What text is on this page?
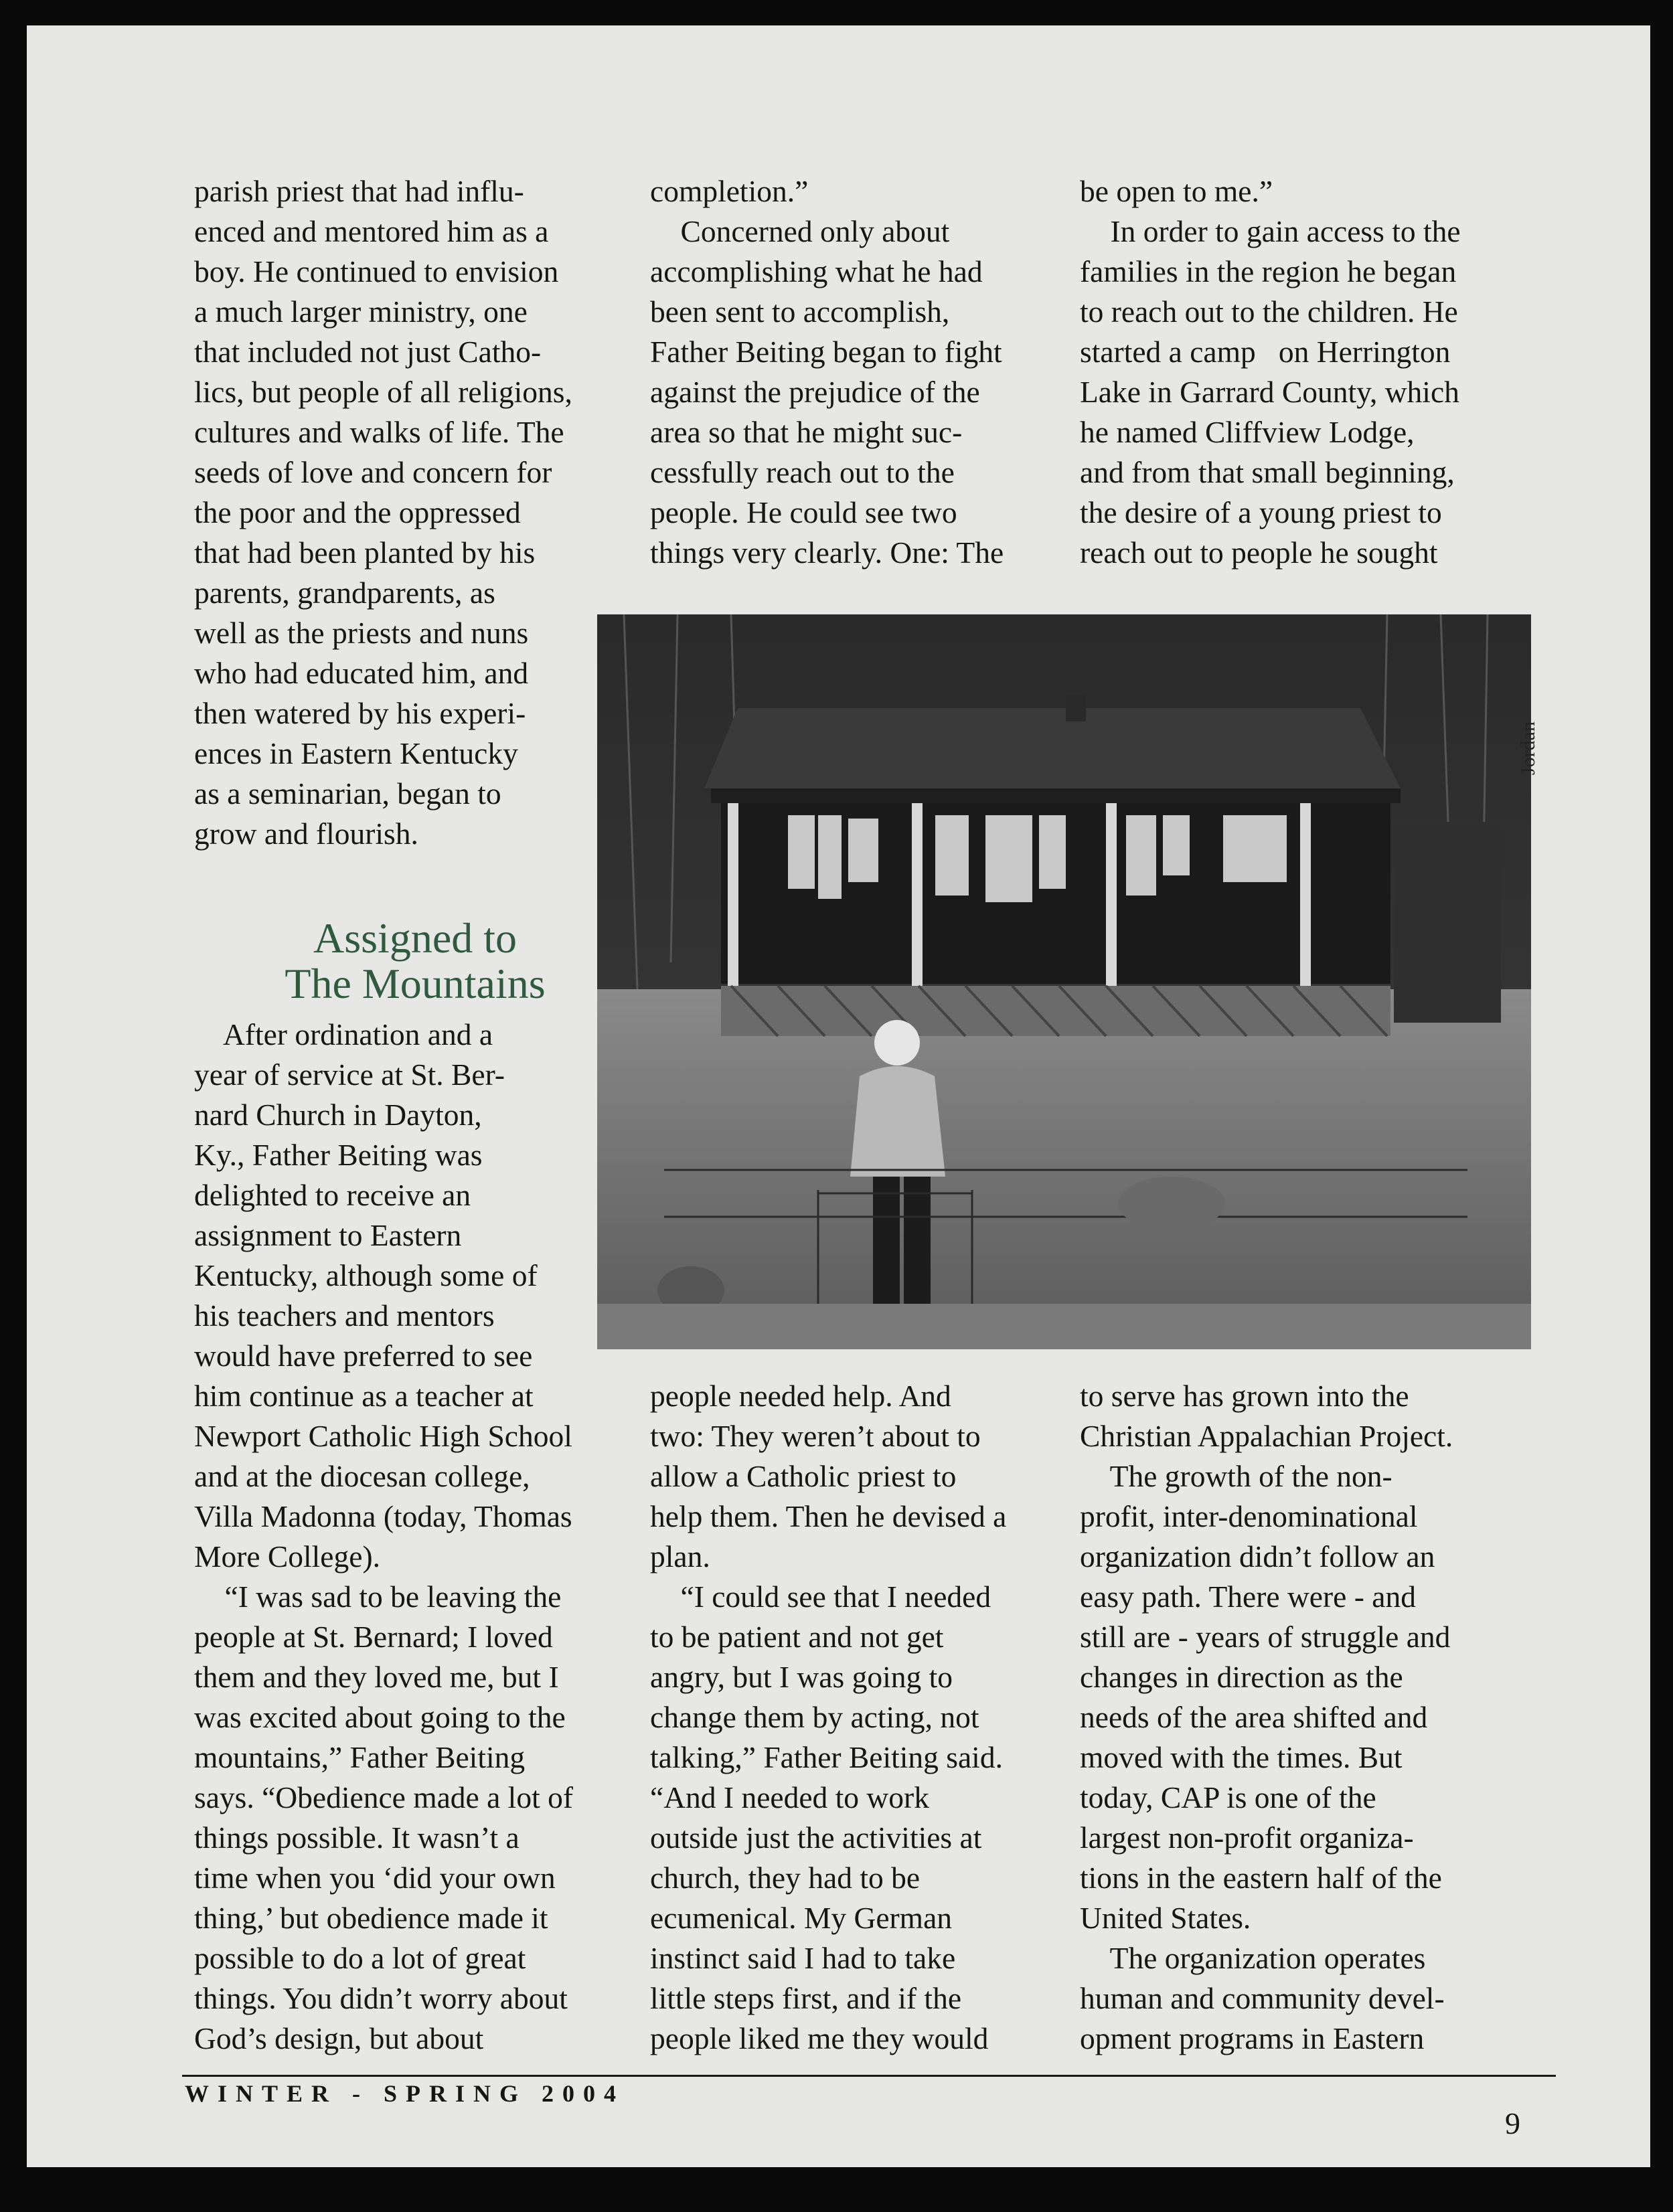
parish priest that had influ-

enced and mentored him as a

boy. He continued to envision

a much larger ministry, one

that included not just Catho-

lics, but people of all religions,

cultures and walks of life. The

seeds of love and concern for

the poor and the oppressed

that had been planted by his

parents, grandparents, as

well as the priests and nuns

who had educated him, and

then watered by his experi-

ences in Eastern Kentucky

as a seminarian, began to

grow and flourish.

Assigned to
The Mountains

After ordination and a

year of service at St. Ber-

nard Church in Dayton,

Ky., Father Beiting was

delighted to receive an

assignment to Eastern

Kentucky, although some of

his teachers and mentors

would have preferred to see

him continue as a teacher at

Newport Catholic High School

and at the diocesan college,

Villa Madonna (today, Thomas

More College).

“I was sad to be leaving the

people at St. Bernard; I loved

them and they loved me, but I

was excited about going to the

mountains,” Father Beiting

says. “Obedience made a lot of

things possible. It wasn’t a

time when you ‘did your own

thing,’ but obedience made it

possible to do a lot of great

things. You didn’t worry about

God’s design, but about

completion.”

Concerned only about

accomplishing what he had

been sent to accomplish,

Father Beiting began to fight

against the prejudice of the

area so that he might suc-

cessfully reach out to the

people. He could see two

things very clearly. One: The

people needed help. And

two: They weren’t about to

allow a Catholic priest to

help them. Then he devised a

plan.

“I could see that I needed

to be patient and not get

angry, but I was going to

change them by acting, not

talking,” Father Beiting said.

“And I needed to work

outside just the activities at

church, they had to be

ecumenical. My German

instinct said I had to take

little steps first, and if the

people liked me they would

be open to me.”

In order to gain access to the

families in the region he began

to reach out to the children. He

started a camp   on Herrington

Lake in Garrard County, which

he named Cliffview Lodge,

and from that small beginning,

the desire of a young priest to

reach out to people he sought

to serve has grown into the

Christian Appalachian Project.

The growth of the non-

profit, inter-denominational

organization didn’t follow an

easy path. There were - and

still are - years of struggle and

changes in direction as the

needs of the area shifted and

moved with the times. But

today, CAP is one of the

largest non-profit organiza-

tions in the eastern half of the

United States.

The organization operates

human and community devel-

opment programs in Eastern

Jordan
WINTER - SPRING 2004
9
